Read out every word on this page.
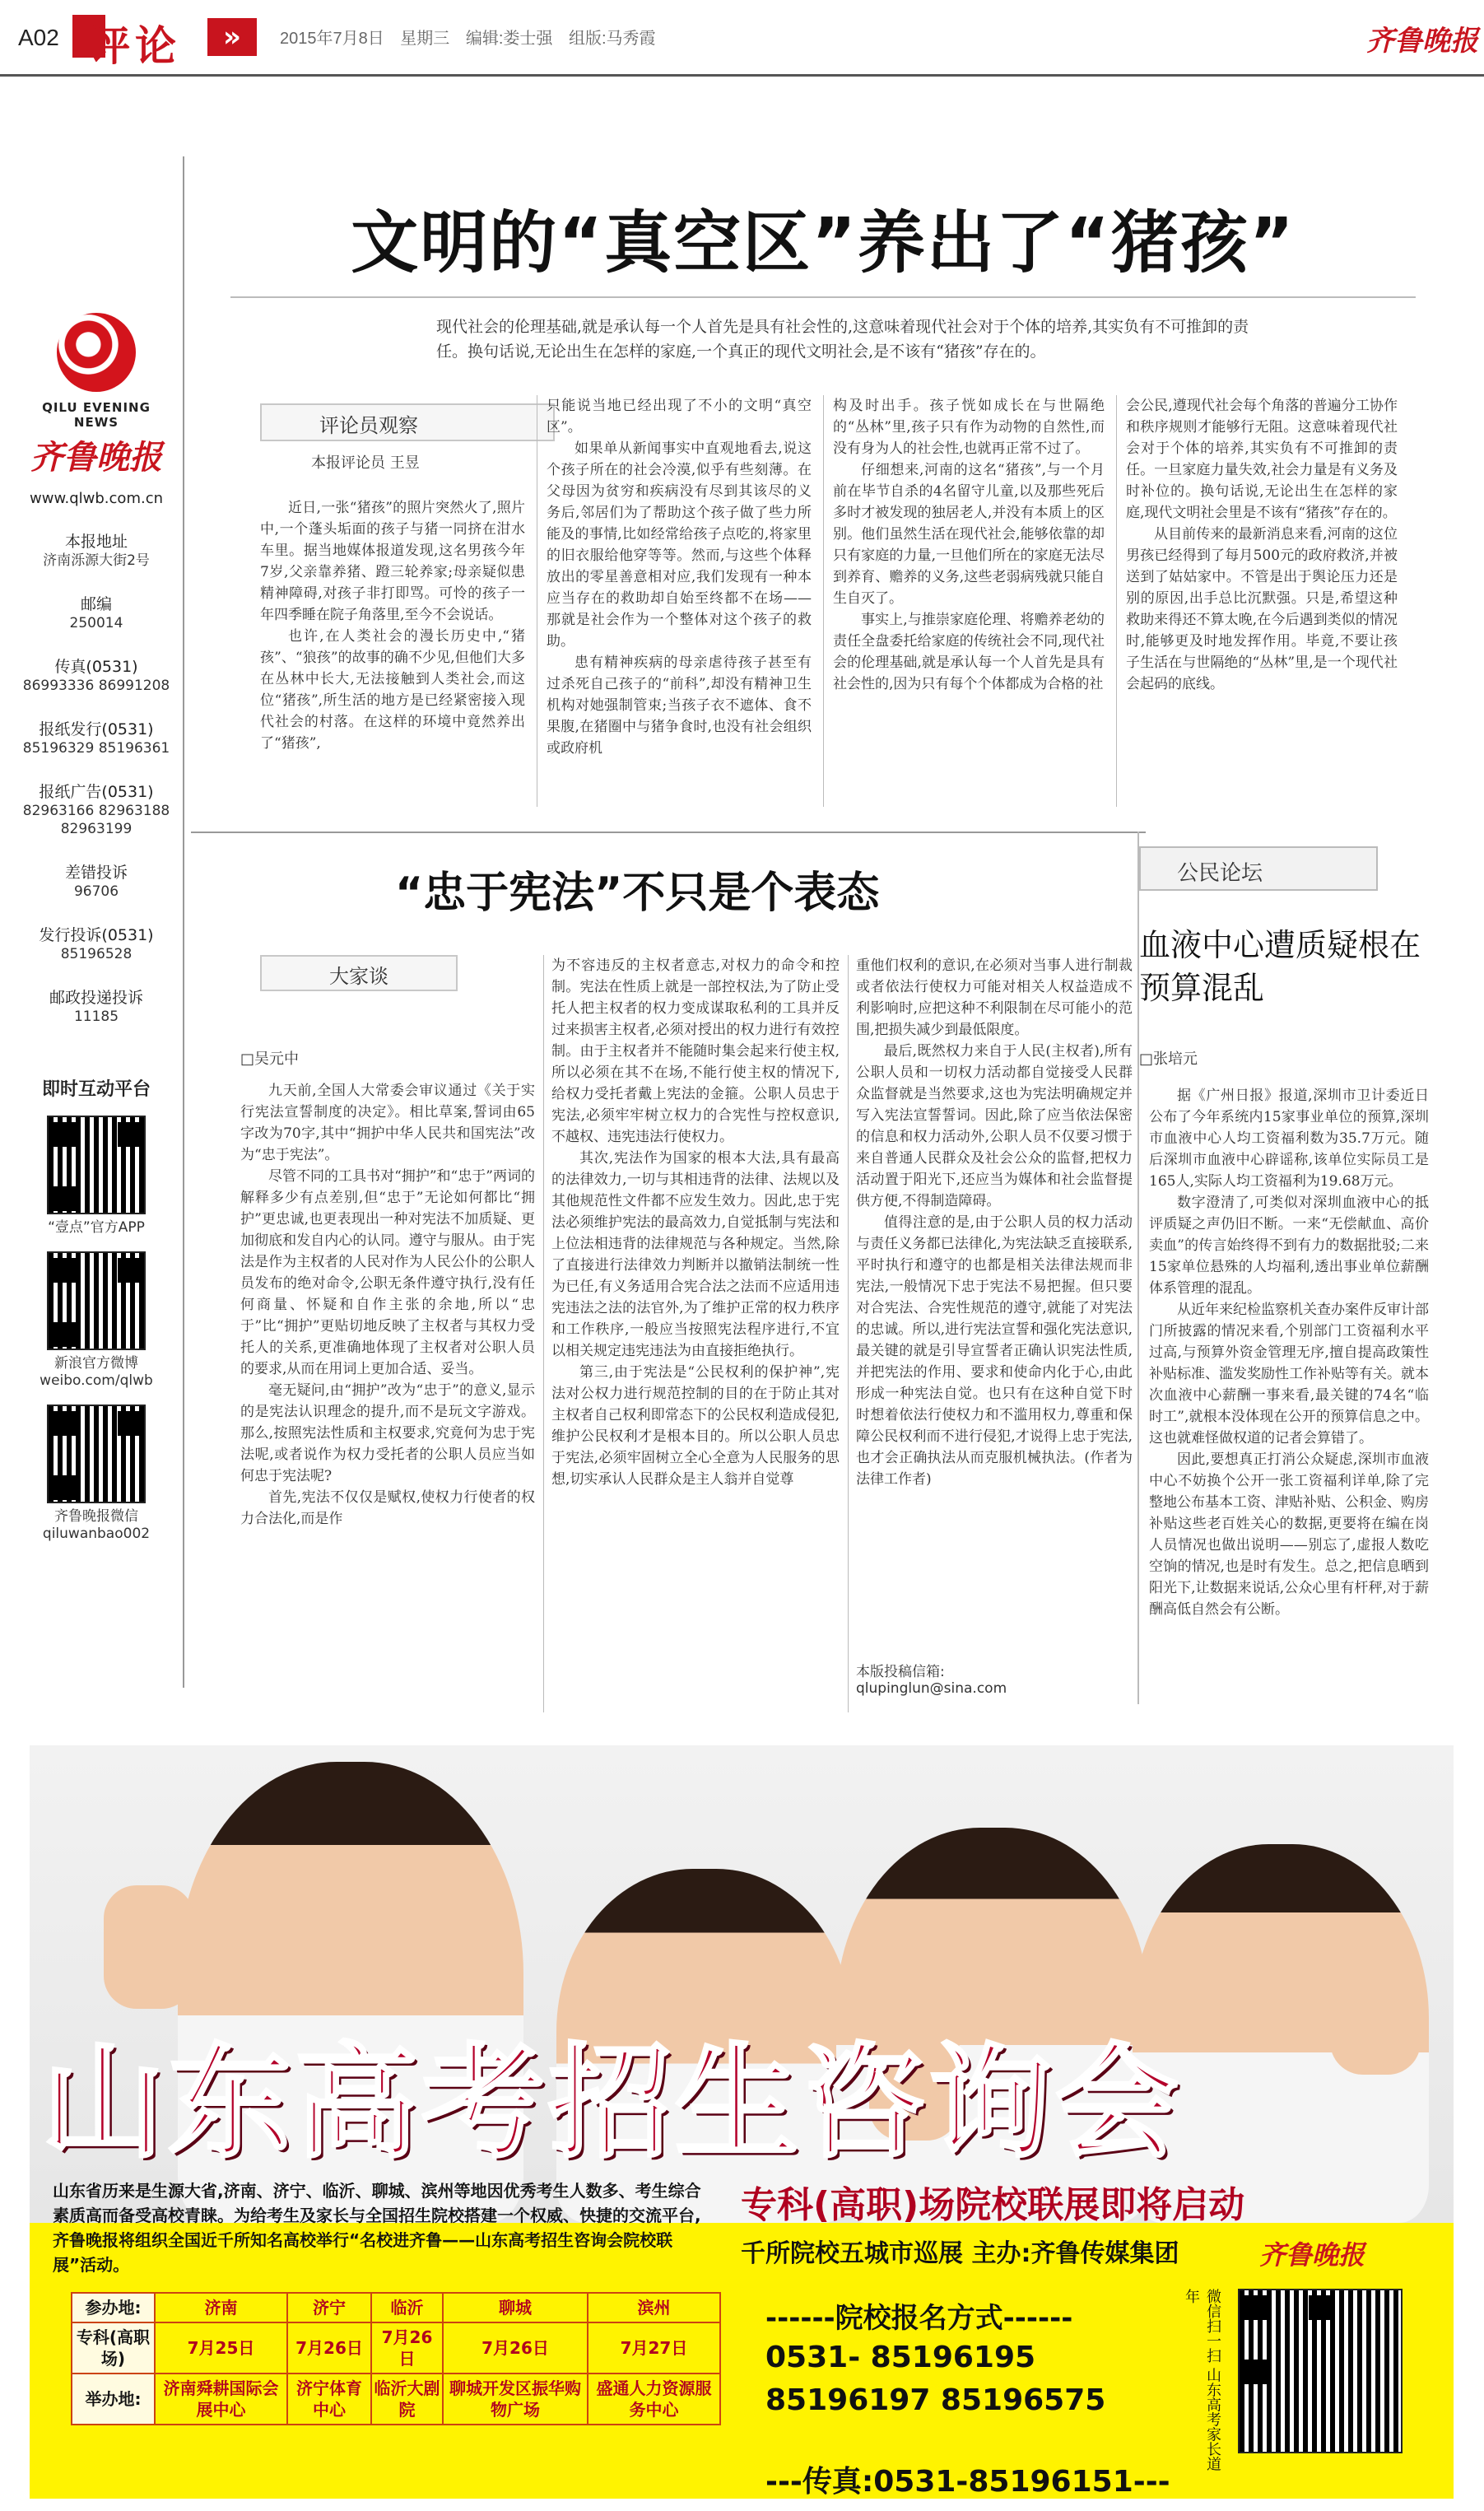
A02 评论	»	2015年7月8日 星期三 编辑:娄士强 组版:马秀霞	齐鲁晚报
QILU EVENING NEWS
齐鲁晚报
www.qlwb.com.cn
本报地址
济南泺源大街2号
邮编
250014
传真(0531)
86993336 86991208
报纸发行(0531)
85196329 85196361
报纸广告(0531)
82963166 82963188 82963199
差错投诉
96706
发行投诉(0531)
85196528
邮政投递投诉
11185
即时互动平台
“壹点”官方APP
新浪官方微博 weibo.com/qlwb
齐鲁晚报微信 qiluwanbao002
文明的“真空区”养出了“猪孩”
现代社会的伦理基础,就是承认每一个人首先是具有社会性的,这意味着现代社会对于个体的培养,其实负有不可推卸的责任。换句话说,无论出生在怎样的家庭,一个真正的现代文明社会,是不该有“猪孩”存在的。
评论员观察
本报评论员 王昱

近日,一张“猪孩”的照片突然火了,照片中,一个蓬头垢面的孩子与猪一同挤在泔水车里。据当地媒体报道发现,这名男孩今年7岁,父亲靠养猪、蹬三轮养家;母亲疑似患精神障碍,对孩子非打即骂。可怜的孩子一年四季睡在院子角落里,至今不会说话。

也许,在人类社会的漫长历史中,“猪孩”、“狼孩”的故事的确不少见,但他们大多在丛林中长大,无法接触到人类社会,而这位“猪孩”,所生活的地方是已经紧密接入现代社会的村落。在这样的环境中竟然养出了“猪孩”,

只能说当地已经出现了不小的文明“真空区”。

如果单从新闻事实中直观地看去,说这个孩子所在的社会冷漠,似乎有些刻薄。在父母因为贫穷和疾病没有尽到其该尽的义务后,邻居们为了帮助这个孩子做了些力所能及的事情,比如经常给孩子点吃的,将家里的旧衣服给他穿等等。然而,与这些个体释放出的零星善意相对应,我们发现有一种本应当存在的救助却自始至终都不在场——那就是社会作为一个整体对这个孩子的救助。

患有精神疾病的母亲虐待孩子甚至有过杀死自己孩子的“前科”,却没有精神卫生机构对她强制管束;当孩子衣不遮体、食不果腹,在猪圈中与猪争食时,也没有社会组织或政府机

构及时出手。孩子恍如成长在与世隔绝的“丛林”里,孩子只有作为动物的自然性,而没有身为人的社会性,也就再正常不过了。

仔细想来,河南的这名“猪孩”,与一个月前在毕节自杀的4名留守儿童,以及那些死后多时才被发现的独居老人,并没有本质上的区别。他们虽然生活在现代社会,能够依靠的却只有家庭的力量,一旦他们所在的家庭无法尽到养育、赡养的义务,这些老弱病残就只能自生自灭了。

事实上,与推崇家庭伦理、将赡养老幼的责任全盘委托给家庭的传统社会不同,现代社会的伦理基础,就是承认每一个人首先是具有社会性的,因为只有每个个体都成为合格的社

会公民,遵现代社会每个角落的普遍分工协作和秩序规则才能够行无阻。这意味着现代社会对于个体的培养,其实负有不可推卸的责任。一旦家庭力量失效,社会力量是有义务及时补位的。换句话说,无论出生在怎样的家庭,现代文明社会里是不该有“猪孩”存在的。

从目前传来的最新消息来看,河南的这位男孩已经得到了每月500元的政府救济,并被送到了姑姑家中。不管是出于舆论压力还是别的原因,出手总比沉默强。只是,希望这种救助来得还不算太晚,在今后遇到类似的情况时,能够更及时地发挥作用。毕竟,不要让孩子生活在与世隔绝的“丛林”里,是一个现代社会起码的底线。

“忠于宪法”不只是个表态
大家谈
□吴元中

九天前,全国人大常委会审议通过《关于实行宪法宣誓制度的决定》。相比草案,誓词由65字改为70字,其中“拥护中华人民共和国宪法”改为“忠于宪法”。

尽管不同的工具书对“拥护”和“忠于”两词的解释多少有点差别,但“忠于”无论如何都比“拥护”更忠诚,也更表现出一种对宪法不加质疑、更加彻底和发自内心的认同。遵守与服从。由于宪法是作为主权者的人民对作为人民公仆的公职人员发布的绝对命令,公职无条件遵守执行,没有任何商量、怀疑和自作主张的余地,所以“忠于”比“拥护”更贴切地反映了主权者与其权力受托人的关系,更准确地体现了主权者对公职人员的要求,从而在用词上更加合适、妥当。

毫无疑问,由“拥护”改为“忠于”的意义,显示的是宪法认识理念的提升,而不是玩文字游戏。那么,按照宪法性质和主权要求,究竟何为忠于宪法呢,或者说作为权力受托者的公职人员应当如何忠于宪法呢?

首先,宪法不仅仅是赋权,使权力行使者的权力合法化,而是作

为不容违反的主权者意志,对权力的命令和控制。宪法在性质上就是一部控权法,为了防止受托人把主权者的权力变成谋取私利的工具并反过来损害主权者,必须对授出的权力进行有效控制。由于主权者并不能随时集会起来行使主权,所以必须在其不在场,不能行使主权的情况下,给权力受托者戴上宪法的金箍。公职人员忠于宪法,必须牢牢树立权力的合宪性与控权意识,不越权、违宪违法行使权力。

其次,宪法作为国家的根本大法,具有最高的法律效力,一切与其相违背的法律、法规以及其他规范性文件都不应发生效力。因此,忠于宪法必须维护宪法的最高效力,自觉抵制与宪法和上位法相违背的法律规范与各种规定。当然,除了直接进行法律效力判断并以撤销法制统一性为已任,有义务适用合宪合法之法而不应适用违宪违法之法的法官外,为了维护正常的权力秩序和工作秩序,一般应当按照宪法程序进行,不宜以相关规定违宪违法为由直接拒绝执行。

第三,由于宪法是“公民权利的保护神”,宪法对公权力进行规范控制的目的在于防止其对主权者自己权利即常态下的公民权利造成侵犯,维护公民权利才是根本目的。所以公职人员忠于宪法,必须牢固树立全心全意为人民服务的思想,切实承认人民群众是主人翁并自觉尊

重他们权利的意识,在必须对当事人进行制裁或者依法行使权力可能对相关人权益造成不利影响时,应把这种不利限制在尽可能小的范围,把损失减少到最低限度。

最后,既然权力来自于人民(主权者),所有公职人员和一切权力活动都自觉接受人民群众监督就是当然要求,这也为宪法明确规定并写入宪法宣誓誓词。因此,除了应当依法保密的信息和权力活动外,公职人员不仅要习惯于来自普通人民群众及社会公众的监督,把权力活动置于阳光下,还应当为媒体和社会监督提供方便,不得制造障碍。

值得注意的是,由于公职人员的权力活动与责任义务都已法律化,为宪法缺乏直接联系,平时执行和遵守的也都是相关法律法规而非宪法,一般情况下忠于宪法不易把握。但只要对合宪法、合宪性规范的遵守,就能了对宪法的忠诚。所以,进行宪法宣誓和强化宪法意识,最关键的就是引导宣誓者正确认识宪法性质,并把宪法的作用、要求和使命内化于心,由此形成一种宪法自觉。也只有在这种自觉下时时想着依法行使权力和不滥用权力,尊重和保障公民权利而不进行侵犯,才说得上忠于宪法,也才会正确执法从而克服机械执法。(作者为法律工作者)

本版投稿信箱:
qlupinglun@sina.com
公民论坛
血液中心遭质疑根在预算混乱
□张培元

据《广州日报》报道,深圳市卫计委近日公布了今年系统内15家事业单位的预算,深圳市血液中心人均工资福利数为35.7万元。随后深圳市血液中心辟谣称,该单位实际员工是165人,实际人均工资福利为19.68万元。

数字澄清了,可类似对深圳血液中心的抵评质疑之声仍旧不断。一来“无偿献血、高价卖血”的传言始终得不到有力的数据批驳;二来15家单位悬殊的人均福利,透出事业单位薪酬体系管理的混乱。

从近年来纪检监察机关查办案件反审计部门所披露的情况来看,个别部门工资福利水平过高,与预算外资金管理无序,擅自提高政策性补贴标准、滥发奖励性工作补贴等有关。就本次血液中心薪酬一事来看,最关键的74名“临时工”,就根本没体现在公开的预算信息之中。这也就难怪做权道的记者会算错了。

因此,要想真正打消公众疑虑,深圳市血液中心不妨换个公开一张工资福利详单,除了完整地公布基本工资、津贴补贴、公积金、购房补贴这些老百姓关心的数据,更要将在编在岗人员情况也做出说明——别忘了,虚报人数吃空饷的情况,也是时有发生。总之,把信息晒到阳光下,让数据来说话,公众心里有杆秤,对于薪酬高低自然会有公断。

山东高考招生咨询会
山东省历来是生源大省,济南、济宁、临沂、聊城、滨州等地因优秀考生人数多、考生综合素质高而备受高校青睐。为给考生及家长与全国招生院校搭建一个权威、快捷的交流平台,齐鲁晚报将组织全国近千所知名高校举行“名校进齐鲁——山东高考招生咨询会院校联展”活动。
专科(高职)场院校联展即将启动
千所院校五城市巡展 主办:齐鲁传媒集团	齐鲁晚报
参办地:	济南	济宁	临沂	聊城	滨州
专科(高职场)	7月25日	7月26日	7月26日	7月26日	7月27日
举办地:	济南舜耕国际会展中心	济宁体育中心	临沂大剧院	聊城开发区振华购物广场	盛通人力资源服务中心
------院校报名方式------
0531- 85196195 85196197 85196575
---传真:0531-85196151---
微信扫一扫 山东高考家长道年
